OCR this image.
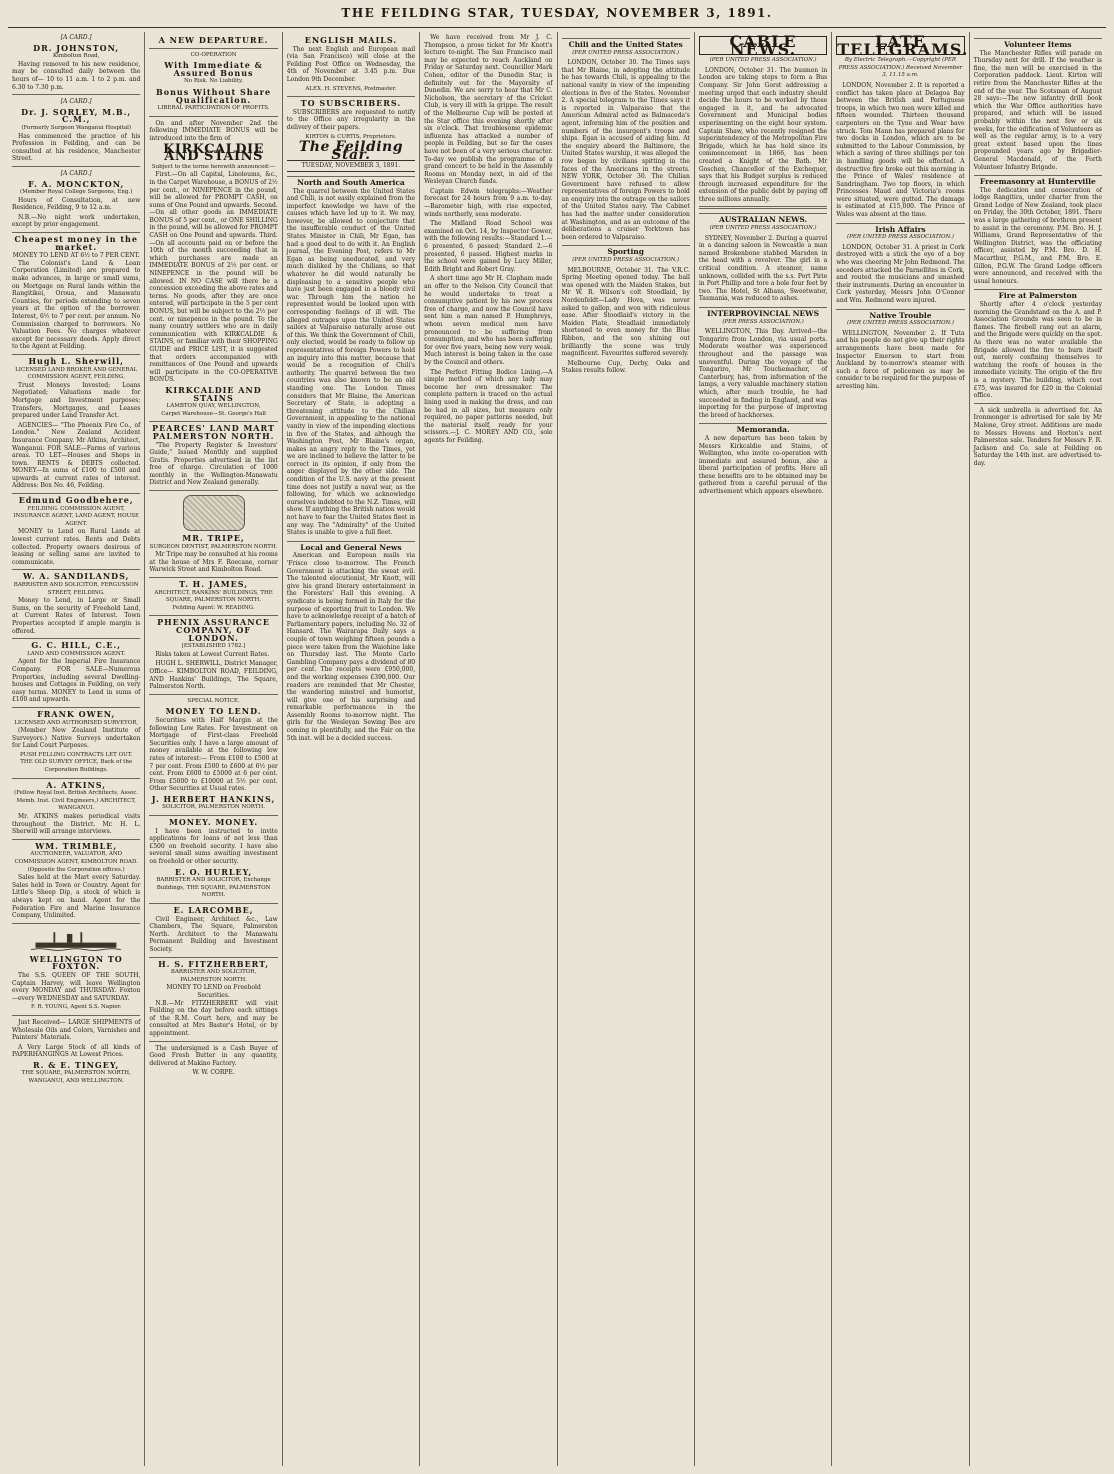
THE FEILDING STAR, TUESDAY, NOVEMBER 3, 1891.
[A CARD.]
DR. JOHNSTON,
Kimbolton Road,

Having removed to his new residence, may be consulted daily between the hours of— 10 to 11 a.m. 1 to 2 p.m. and 6.30 to 7.30 p.m.

[A CARD.]
Dr. J. SORLEY, M.B., C.M.,
(Formerly Surgeon Wanganui Hospital)

Has commenced the practice of his Profession in Feilding, and can be consulted at his residence, Manchester Street.

[A CARD.]
F. A. MONCKTON,
(Member Royal College Surgeons, Eng.)

Hours of Consultation, at new Residence, Feilding, 9 to 12 a.m.

N.B.—No night work undertaken, except by prior engagement.

Cheapest money in the market.
MONEY TO LEND AT 6½ to 7 PER CENT.

The Colonist's Land & Loan Corporation (Limited) are prepared to make advances, in large or small sums, on Mortgage on Rural lands within the Rangitikei, Oroua, and Manawatu Counties, for periods extending to seven years at the option of the borrower. Interest, 6½ to 7 per cent. per annum. No Commission charged to borrowers. No Valuation Fees. No charges whatever except for necessary deeds. Apply direct to the Agent at Feilding.

Hugh L. Sherwill,
LICENSED LAND BROKER AND GENERAL COMMISSION AGENT, FEILDING.

Trust Moneys Invested; Loans Negotiated; Valuations made for Mortgage and Investment purposes; Transfers, Mortgages, and Leases prepared under Land Transfer Act.

AGENCIES— "The Phoenix Fire Co., of London." New Zealand Accident Insurance Company. Mr Atkins, Architect, Wanganui. FOR SALE—Farms of various areas. TO LET—Houses and Shops in town. RENTS & DEBTS collected. MONEY—In sums of £100 to £500 and upwards at current rates of interest. Address: Box No. 46, Feilding.

Edmund Goodbehere,
FEILDING. COMMISSION AGENT, INSURANCE AGENT, LAND AGENT, HOUSE AGENT.

MONEY to Lend on Rural Lands at lowest current rates. Rents and Debts collected. Property owners desirous of leasing or selling same are invited to communicate.

W. A. SANDILANDS,
BARRISTER AND SOLICITOR, FERGUSSON STREET, FEILDING.

Money to Lend, in Large or Small Sums, on the security of Freehold Land, at Current Rates of Interest. Town Properties accepted if ample margin is offered.

G. C. HILL, C.E.,
LAND AND COMMISSION AGENT.

Agent for the Imperial Fire Insurance Company. FOR SALE—Numerous Properties, including several Dwelling-houses and Cottages in Feilding, on very easy terms. MONEY to Lend in sums of £100 and upwards.

FRANK OWEN,
LICENSED AND AUTHORISED SURVEYOR,

(Member New Zealand Institute of Surveyors.) Native Surveys undertaken for Land Court Purposes.

PUSH FELLING CONTRACTS LET OUT.
THE OLD SURVEY OFFICE, Back of the Corporation Buildings.
A. ATKINS,
(Fellow Royal Inst. British Architects, Assoc. Memb. Inst. Civil Engineers,) ARCHITECT, WANGANUI.

Mr. ATKINS makes periodical visits throughout the District. Mr. H. L. Sherwill will arrange interviews.

WM. TRIMBLE,
AUCTIONEER, VALUATOR, AND COMMISSION AGENT, KIMBOLTON ROAD. (Opposite the Corporation offices.)

Sales held at the Mart every Saturday. Sales held in Town or Country. Agent for Little's Sheep Dip, a stock of which is always kept on hand. Agent for the Federation Fire and Marine Insurance Company, Unlimited.

WELLINGTON TO FOXTON.

The S.S. QUEEN OF THE SOUTH, Captain Harvey, will leave Wellington every MONDAY and THURSDAY. Foxton—every WEDNESDAY and SATURDAY.

F. R. YOUNG, Agent S.S. Napier.

Just Received— LARGE SHIPMENTS of Wholesale Oils and Colors, Varnishes and Painters' Materials.

A Very Large Stock of all kinds of PAPERHANGINGS At Lowest Prices.

R. & E. TINGEY,
THE SQUARE, PALMERSTON NORTH, WANGANUI, AND WELLINGTON.
A NEW DEPARTURE.
CO-OPERATION
With Immediate & Assured Bonus
No Risk. No Liability.
Bonus Without Share Qualification.
LIBERAL PARTICIPATION OF PROFITS.

On and after November 2nd the following IMMEDIATE BONUS will be introduced into the firm of

KIRKCALDIE AND STAINS
Subject to the terms herewith announced:—

First.—On all Capital, Linoleums, &c., in the Carpet Warehouse, a BONUS of 2½ per cent., or NINEPENCE in the pound, will be allowed for PROMPT CASH, on sums of One Pound and upwards. Second.—On all other goods an IMMEDIATE BONUS of 5 per cent., or ONE SHILLING in the pound, will be allowed for PROMPT CASH on One Pound and upwards. Third.—On all accounts paid on or before the 10th of the month succeeding that in which purchases are made an IMMEDIATE BONUS of 2½ per cent. or NINEPENCE in the pound will be allowed. IN NO CASE will there be a concession exceeding the above rates and terms. No goods, after they are once entered, will participate in the 5 per cent BONUS, but will be subject to the 2½ per cent. or ninepence in the pound. To the many country settlers who are in daily communication with KIRKCALDIE & STAINS, or familiar with their SHOPPING GUIDE and PRICE LIST, it is suggested that orders accompanied with remittances of One Pound and upwards will participate in the CO-OPERATIVE BONUS.

KIRKCALDIE AND STAINS
LAMBTON QUAY, WELLINGTON,
Carpet Warehouse—St. George's Hall
PEARCES' LAND MART PALMERSTON NORTH.

"The Property Register & Investors' Guide," Issued Monthly and supplied Gratis. Properties advertised in the list free of charge. Circulation of 1000 monthly in the Wellington-Manawatu District and New Zealand generally.

MR. TRIPE,
SURGEON DENTIST, PALMERSTON NORTH.

Mr Tripe may be consulted at his rooms at the house of Mrs F. Roecane, corner Warwick Street and Kimbolton Road.

T. H. JAMES,
ARCHITECT, RANKINS' BUILDINGS, THE SQUARE, PALMERSTON NORTH.
Feilding Agent: W. READING.
PHENIX ASSURANCE COMPANY, OF LONDON.
[ESTABLISHED 1782.]

Risks taken at Lowest Current Rates.

HUGH L. SHERWILL, District Manager, Office— KIMBOLTON ROAD, FEILDING, AND Hankins' Buildings, The Square, Palmerston North.

SPECIAL NOTICE.
MONEY TO LEND.

Securities with Half Margin at the following Low Rates. For Investment on Mortgage of First-class Freehold Securities only. I have a large amount of money available at the following low rates of interest:— From £100 to £500 at 7 per cent. From £500 to £600 at 6½ per cent. From £600 to £5000 at 6 per cent. From £5000 to £10000 at 5½ per cent. Other Securities at Usual rates.

J. HERBERT HANKINS,
SOLICITOR, PALMERSTON NORTH.
MONEY. MONEY.

I have been instructed to invite applications for loans of not less than £500 on freehold security. I have also several small sums awaiting investment on freehold or other security.

E. O. HURLEY,
BARRISTER AND SOLICITOR, Exchange Buildings, THE SQUARE, PALMERSTON NORTH.
E. LARCOMBE,

Civil Engineer, Architect &c., Law Chambers, The Square, Palmerston North. Architect to the Manawatu Permanent Building and Investment Society.

H. S. FITZHERBERT,
BARRISTER AND SOLICITOR, PALMERSTON NORTH.
MONEY TO LEND on Freehold Securities.

N.B.—Mr FITZHERBERT will visit Feilding on the day before each sittings of the R.M. Court here, and may be consulted at Mrs Baster's Hotel, or by appointment.

The undersigned is a Cash Buyer of Good Fresh Butter in any quantity, delivered at Makino Factory.

W. W. CORPE.
ENGLISH MAILS.

The next English and European mail (via San Francisco) will close at the Feilding Post Office on Wednesday, the 4th of November at 3.45 p.m. Due London 9th December.

ALEX. H. STEVENS, Postmaster.
TO SUBSCRIBERS.

SUBSCRIBERS are requested to notify to the Office any irregularity in the delivery of their papers.

KIRTON & CURTIS, Proprietors.
The Feilding Star.
TUESDAY, NOVEMBER 3, 1891.
North and South America

The quarrel between the United States and Chili, is not easily explained from the imperfect knowledge we have of the causes which have led up to it. We may, however, be allowed to conjecture that the insufferable conduct of the United States Minister in Chili, Mr Egan, has had a good deal to do with it. An English journal, the Evening Post, refers to Mr Egan as being uneducated, and very much disliked by the Chilians, so that whatever he did would naturally be displeasing to a sensitive people who have just been engaged in a bloody civil war. Through him the nation he represented would be looked upon with corresponding feelings of ill will. The alleged outrages upon the United States sailors at Valparaiso naturally arose out of this. We think the Government of Chili, only elected, would be ready to follow up representatives of foreign Powers to hold an inquiry into this matter, because that would be a recognition of Chili's authority. The quarrel between the two countries was also known to be an old standing one. The London Times considers that Mr Blaine, the American Secretary of State, is adopting a threatening attitude to the Chilian Government, in appealing to the national vanity in view of the impending elections in five of the States, and although the Washington Post, Mr Blaine's organ, makes an angry reply to the Times, yet we are inclined to believe the latter to be correct in its opinion, if only from the anger displayed by the other side. The condition of the U.S. navy at the present time does not justify a naval war, as the following, for which we acknowledge ourselves indebted to the N.Z. Times, will show. If anything the British nation would not have to fear the United States fleet in any way. The "Admiralty" of the United States is unable to give a full fleet.

Local and General News

American and European mails via 'Frisco close to-morrow. The French Government is attacking the sweat evil. The talented elocutionist, Mr Knott, will give his grand literary entertainment in the Foresters' Hall this evening. A syndicate is being formed in Italy for the purpose of exporting fruit to London. We have to acknowledge receipt of a batch of Parliamentary papers, including No. 32 of Hansard. The Wairarapa Daily says a couple of town weighing fifteen pounds a piece were taken from the Waiohine lake on Thursday last. The Monte Carlo Gambling Company pays a dividend of 80 per cent. The receipts were £950,000, and the working expenses £390,000. Our readers are reminded that Mr Chester, the wandering minstrel and humorist, will give one of his surprising and remarkable performances in the Assembly Rooms to-morrow night. The girls for the Wesleyan Sewing Bee are coming in plentifully, and the Fair on the 5th inst. will be a decided success.

We have received from Mr J. C. Thompson, a prose ticket for Mr Knott's lecture to-night. The San Francisco mail may be expected to reach Auckland on Friday or Saturday next. Councillor Mark Cohen, editor of the Dunedin Star, is definitely out for the Mayoralty of Dunedin. We are sorry to hear that Mr C. Nicholson, the secretary of the Cricket Club, is very ill with la grippe. The result of the Melbourne Cup will be posted at the Star office this evening shortly after six o'clock. That troublesome epidemic influenza has attacked a number of people in Feilding, but so far the cases have not been of a very serious character. To-day we publish the programme of a grand concert to be held in the Assembly Rooms on Monday next, in aid of the Wesleyan Church funds.

Captain Edwin telegraphs:—Weather forecast for 24 hours from 9 a.m. to-day.—Barometer high, with rise expected, winds northerly, seas moderate.

The Midland Road School was examined on Oct. 14, by Inspector Gower, with the following results:—Standard 1.—6 presented, 6 passed; Standard 2.—6 presented, 6 passed. Highest marks in the school were gained by Lucy Miller, Edith Bright and Robert Gray.

A short time ago Mr H. Clapham made an offer to the Nelson City Council that he would undertake to treat a consumptive patient by his new process free of charge, and now the Council have sent him a man named P. Humphreys, whom seven medical men have pronounced to be suffering from consumption, and who has been suffering for over five years, being now very weak. Much interest is being taken in the case by the Council and others.

The Perfect Fitting Bodice Lining.—A simple method of which any lady may become her own dressmaker. The complete pattern is traced on the actual lining used in making the dress, and can be had in all sizes, but measure only required, no paper patterns needed, but the material itself, ready for your scissors.—J. C. MOREY AND CO., sole agents for Feilding.

Chili and the United States
(PER UNITED PRESS ASSOCIATION.)

LONDON, October 30. The Times says that Mr Blaine, in adopting the attitude he has towards Chili, is appealing to the national vanity in view of the impending elections in five of the States. November 2. A special telegram to the Times says it is reported in Valparaiso that the American Admiral acted as Balmaceda's agent, informing him of the position and numbers of the insurgent's troops and ships. Egan is accused of aiding him. At the enquiry aboard the Baltimore, the United States warship, it was alleged the row began by civilians spitting in the faces of the Americans in the streets. NEW YORK, October 30. The Chilian Government have refused to allow representatives of foreign Powers to hold an enquiry into the outrage on the sailors of the United States navy. The Cabinet has had the matter under consideration at Washington, and as an outcome of the deliberations a cruiser Yorktown has been ordered to Valparaiso.

Sporting
(PER UNITED PRESS ASSOCIATION.)

MELBOURNE, October 31. The V.R.C. Spring Meeting opened today. The ball was opened with the Maiden Stakes, but Mr W. R. Wilson's colt Stoodlaid, by Nordenfeldt—Lady Hova, was never asked to gallop, and won with ridiculous ease. After Stoodlaid's victory in the Maiden Plate, Steadlaid immediately shortened to even money for the Blue Ribbon, and the son shining out brilliantly the scene was truly magnificent. Favourites suffered severely.

Melbourne Cup, Derby, Oaks and Stakes results follow.

CABLE NEWS.
(PER UNITED PRESS ASSOCIATION.)

LONDON, October 31. The busmen in London are taking steps to form a Bus Company. Sir John Gorst addressing a meeting urged that each industry should decide the hours to be worked by those engaged in it, and he advocated Government and Municipal bodies experimenting on the eight hour system. Captain Shaw, who recently resigned the superintendency of the Metropolitan Fire Brigade, which he has held since its commencement in 1866, has been created a Knight of the Bath. Mr Goschen, Chancellor of the Exchequer, says that his Budget surplus is reduced through increased expenditure for the extension of the public debt by paying off three millions annually.

AUSTRALIAN NEWS.
(PER UNITED PRESS ASSOCIATION.)

SYDNEY, November 2. During a quarrel in a dancing saloon in Newcastle a man named Brokenbone stabbed Marsden in the head with a revolver. The girl in a critical condition. A steamer, name unknown, collided with the s.s. Port Pirie in Port Phillip and tore a hole four feet by two. The Hotel, St Albans, Sweetwater, Tasmania, was reduced to ashes.

INTERPROVINCIAL NEWS
(PER PRESS ASSOCIATION.)

WELLINGTON, This Day. Arrived—the Tongariro from London, via usual ports. Moderate weather was experienced throughout and the passage was uneventful. During the voyage of the Tongariro, Mr Touchemacher, of Canterbury, has, from information of the lamps, a very valuable machinery station which, after much trouble, he had succeeded in finding in England, and was importing for the purpose of improving the breed of hackhorses.

Memoranda.

A new departure has been taken by Messrs Kirkcaldie and Stains, of Wellington, who invite co-operation with immediate and assured bonus, also a liberal participation of profits. Here all these benefits are to be obtained may be gathered from a careful perusal of the advertisement which appears elsewhere.

LATE TELEGRAMS.
By Electric Telegraph.—Copyright (PER PRESS ASSOCIATION.) Received November 3, 11.15 a.m.

LONDON, November 2. It is reported a conflict has taken place at Delagoa Bay between the British and Portuguese troops, in which two men were killed and fifteen wounded. Thirteen thousand carpenters on the Tyne and Wear have struck. Tom Mann has prepared plans for two docks in London, which are to be submitted to the Labour Commission, by which a saving of three shillings per ton in handling goods will be effected. A destructive fire broke out this morning in the Prince of Wales' residence at Sandringham. Two top floors, in which Princesses Maud and Victoria's rooms were situated, were gutted. The damage is estimated at £15,000. The Prince of Wales was absent at the time.

Irish Affairs
(PER UNITED PRESS ASSOCIATION.)

LONDON, October 31. A priest in Cork destroyed with a stick the eye of a boy who was cheering Mr John Redmond. The seceders attacked the Parnellites in Cork, and routed the musicians and smashed their instruments. During an encounter in Cork yesterday, Messrs John O'Connor and Wm. Redmond were injured.

Native Trouble
(PER UNITED PRESS ASSOCIATION.)

WELLINGTON, November 2. If Tuta and his people do not give up their rights arrangements have been made for Inspector Emerson to start from Auckland by to-morrow's steamer with such a force of policemen as may be consider to be required for the purpose of arresting him.

Volunteer Items

The Manchester Rifles will parade on Thursday next for drill. If the weather is fine, the men will be exercised in the Corporation paddock. Lieut. Kirton will retire from the Manchester Rifles at the end of the year. The Scotsman of August 28 says:—The new infantry drill book which the War Office authorities have prepared, and which will be issued probably within the next few or six weeks, for the edification of Volunteers as well as the regular army, is to a very great extent based upon the lines propounded years ago by Brigadier-General Macdonald, of the Forth Volunteer Infantry Brigade.

Freemasonry at Hunterville

The dedication and consecration of lodge Rangitira, under charter from the Grand Lodge of New Zealand, took place on Friday, the 30th October, 1891. There was a large gathering of brethren present to assist in the ceremony. P.M. Bro. H. J. Williams, Grand Representative of the Wellington District, was the officiating officer, assisted by P.M. Bro. D. H. Macarthur, P.G.M., and P.M. Bro. E. Gillon, P.G.W. The Grand Lodge officers were announced, and received with the usual honours.

Fire at Palmerston

Shortly after 4 o'clock yesterday morning the Grandstand on the A. and P. Association Grounds was seen to be in flames. The firebell rang out an alarm, and the Brigade were quickly on the spot. As there was no water available the Brigade allowed the fire to burn itself out, merely confining themselves to watching the roofs of houses in the immediate vicinity. The origin of the fire is a mystery. The building, which cost £75, was insured for £20 in the Colonial office.

A sick umbrella is advertised for. An Ironmonger is advertised for sale by Mr Malone, Grey street. Additions are made to Messrs Hovens and Horton's next Palmerston sale. Tenders for Messrs F. R. Jackson and Co. sale at Feilding on Saturday the 14th inst. are advertised to-day.
